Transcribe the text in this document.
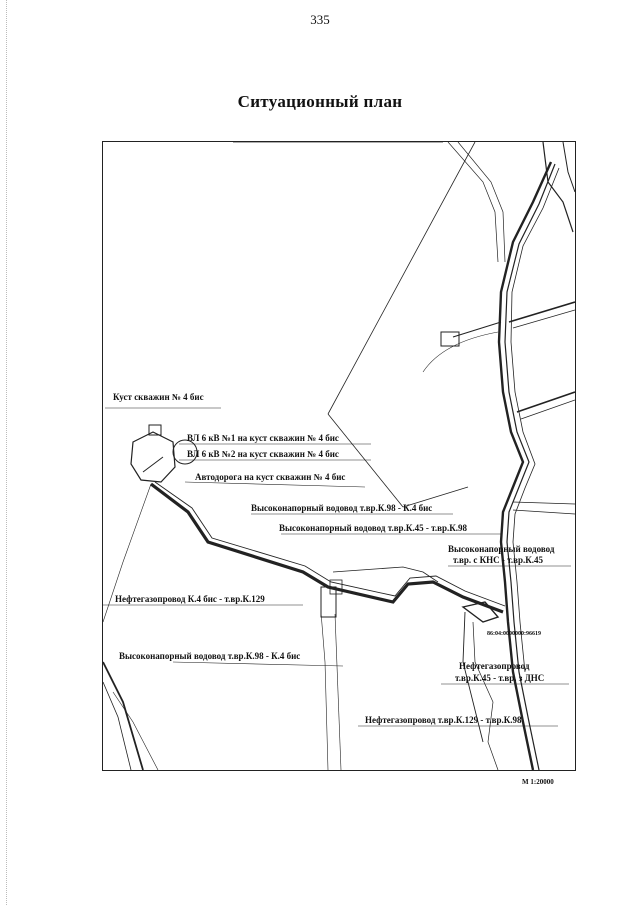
335
Ситуационный план
Куст скважин № 4 бис
ВЛ 6 кВ №1 на куст скважин № 4 бис
ВЛ 6 кВ №2 на куст скважин № 4 бис
Автодорога на куст скважин № 4 бис
Высоконапорный водовод т.вр.К.98 - К.4 бис
Высоконапорный водовод т.вр.К.45 - т.вр.К.98
Высоконапорный водовод
т.вр. с КНС - т.вр.К.45
Нефтегазопровод К.4 бис - т.вр.К.129
86:04:0000000:96619
Высоконапорный водовод т.вр.К.98 - К.4 бис
Нефтегазопровод
т.вр.К.45 - т.вр. з ДНС
Нефтегазопровод т.вр.К.129 - т.вр.К.98
М 1:20000
